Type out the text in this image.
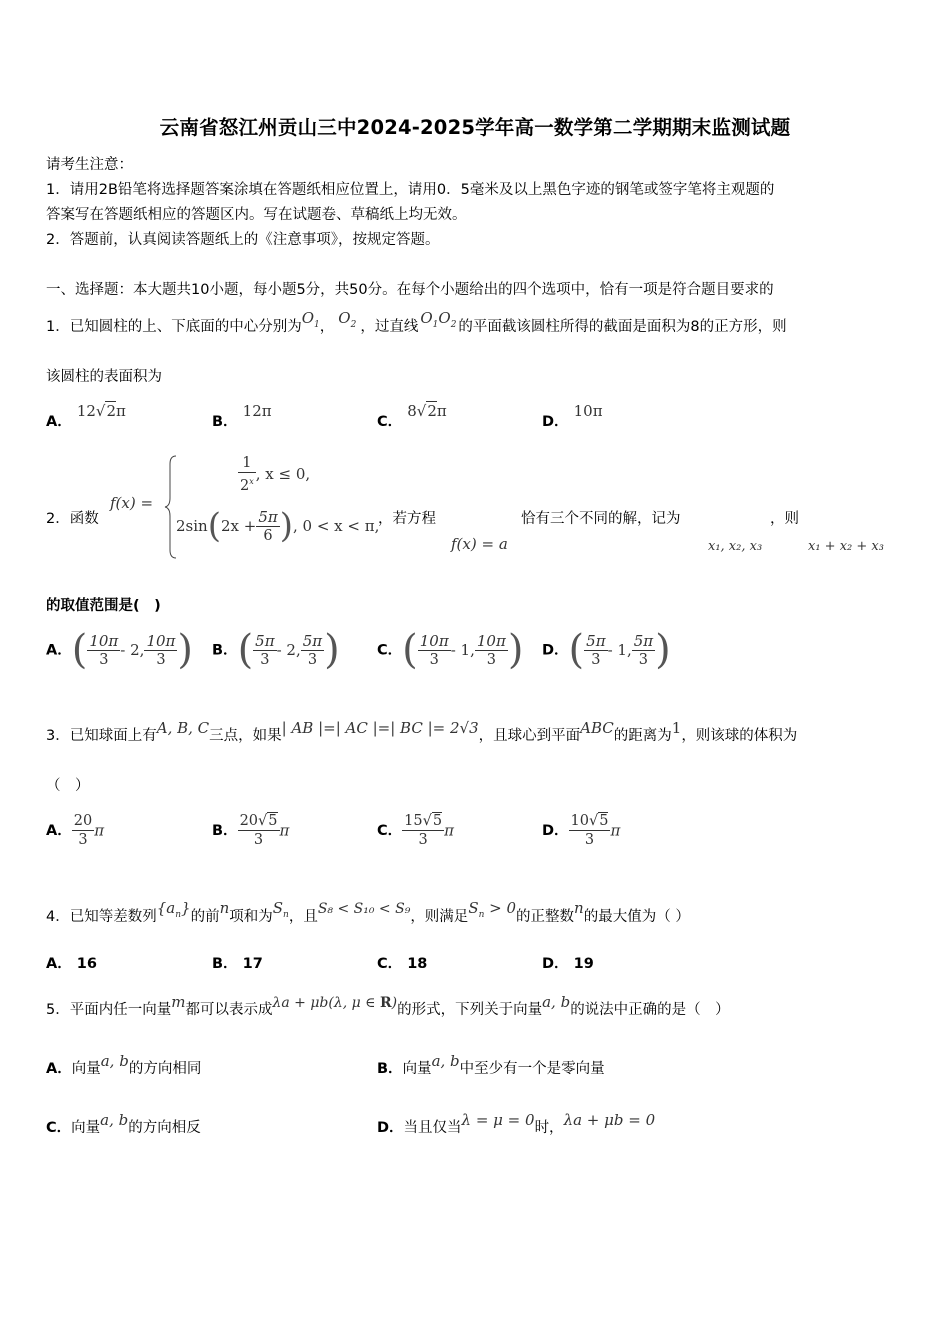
云南省怒江州贡山三中2024-2025学年高一数学第二学期期末监测试题
请考生注意：
1．请用2B铅笔将选择题答案涂填在答题纸相应位置上，请用0．5毫米及以上黑色字迹的钢笔或签字笔将主观题的
答案写在答题纸相应的答题区内。写在试题卷、草稿纸上均无效。
2．答题前，认真阅读答题纸上的《注意事项》，按规定答题。
一、选择题：本大题共10小题，每小题5分，共50分。在每个小题给出的四个选项中，恰有一项是符合题目要求的
1．已知圆柱的上、下底面的中心分别为$O_1$， $O_2$ ，过直线 $O_1O_2$ 的平面截该圆柱所得的截面是面积为8的正方形，则
该圆柱的表面积为
A． 12√2π
B． 12π
C． 8√2π
D． 10π
2．函数
f(x) =
$\frac{1}{2^x}$ , x ≤ 0,
$2\sin(2x + \frac{5\pi}{6}$ ), 0 < x < π,
，若方程
f(x) = a
恰有三个不同的解，记为
x₁, x₂, x₃
，则
x₁ + x₂ + x₃
的取值范围是(　)
A．( $\frac{10\pi}{3} - 2$, $\frac{10\pi}{3}$ ) B．( $\frac{5\pi}{3} - 2$, $\frac{5\pi}{3}$ )	C．( $\frac{10\pi}{3} - 1$, $\frac{10\pi}{3}$ ) D．( $\frac{5\pi}{3} - 1$, $\frac{5\pi}{3}$ )
3．已知球面上有A, B, C三点，如果| AB |=| AC |=| BC |= 2√3，且球心到平面ABC的距离为1，则该球的体积为
（　）
A． $\frac{20}{3}$ π	B． $\frac{20√5}{3}$ π	C． $\frac{15√5}{3}$ π	D． $\frac{10√5}{3}$ π
4．已知等差数列$\{a_n\}$的前n项和为$S_n$，且S₈ < S₁₀ < S₉，则满足$S_n > 0$的正整数n的最大值为（ ）
A． 16	B． 17	C． 18	D． 19
5．平面内任一向量m都可以表示成λa + μb(λ, μ ∈ R)的形式，下列关于向量a, b的说法中正确的是（　）
A．向量a, b的方向相同	B．向量a, b中至少有一个是零向量
C．向量a, b的方向相反	D．当且仅当λ = μ = 0时，λa + μb = 0
